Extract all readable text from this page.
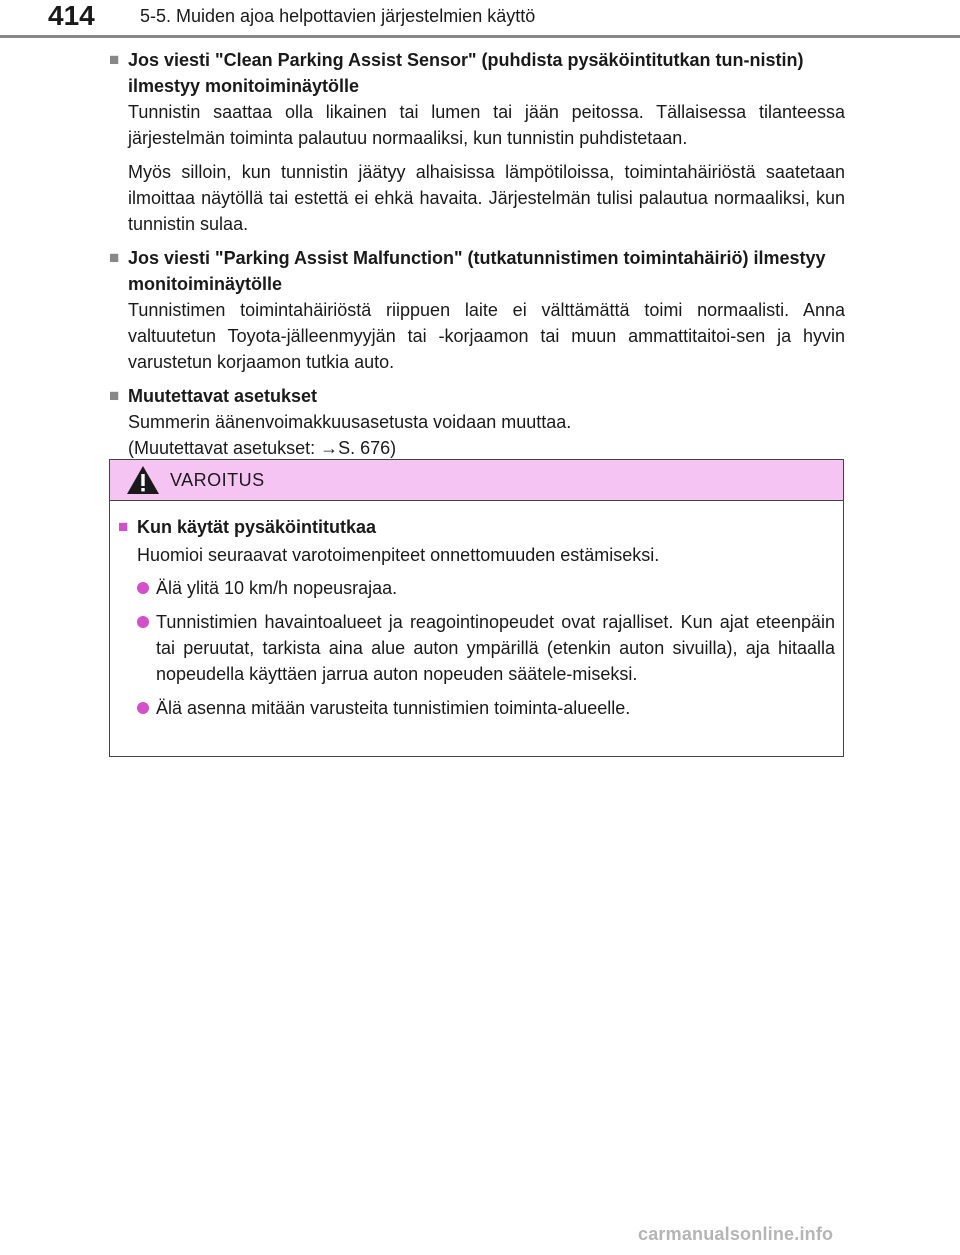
414	5-5. Muiden ajoa helpottavien järjestelmien käyttö
■ Jos viesti "Clean Parking Assist Sensor" (puhdista pysäköintitutkan tun-nistin) ilmestyy monitoiminäytölle
Tunnistin saattaa olla likainen tai lumen tai jään peitossa. Tällaisessa tilanteessa järjestelmän toiminta palautuu normaaliksi, kun tunnistin puhdistetaan.
Myös silloin, kun tunnistin jäätyy alhaisissa lämpötiloissa, toimintahäiriöstä saatetaan ilmoittaa näytöllä tai estettä ei ehkä havaita. Järjestelmän tulisi palautua normaaliksi, kun tunnistin sulaa.
■ Jos viesti "Parking Assist Malfunction" (tutkatunnistimen toimintahäiriö) ilmestyy monitoiminäytölle
Tunnistimen toimintahäiriöstä riippuen laite ei välttämättä toimi normaalisti. Anna valtuutetun Toyota-jälleenmyyjän tai -korjaamon tai muun ammattitaitoi-sen ja hyvin varustetun korjaamon tutkia auto.
■ Muutettavat asetukset
Summerin äänenvoimakkuusasetusta voidaan muuttaa.
(Muutettavat asetukset: →S. 676)
VAROITUS
■ Kun käytät pysäköintitutkaa
Huomioi seuraavat varotoimenpiteet onnettomuuden estämiseksi.
Älä ylitä 10 km/h nopeusrajaa.
Tunnistimien havaintoalueet ja reagointinopeudet ovat rajalliset. Kun ajat eteenpäin tai peruutat, tarkista aina alue auton ympärillä (etenkin auton sivuilla), aja hitaalla nopeudella käyttäen jarrua auton nopeuden säätele-miseksi.
Älä asenna mitään varusteita tunnistimien toiminta-alueelle.
carmanualsonline.info
